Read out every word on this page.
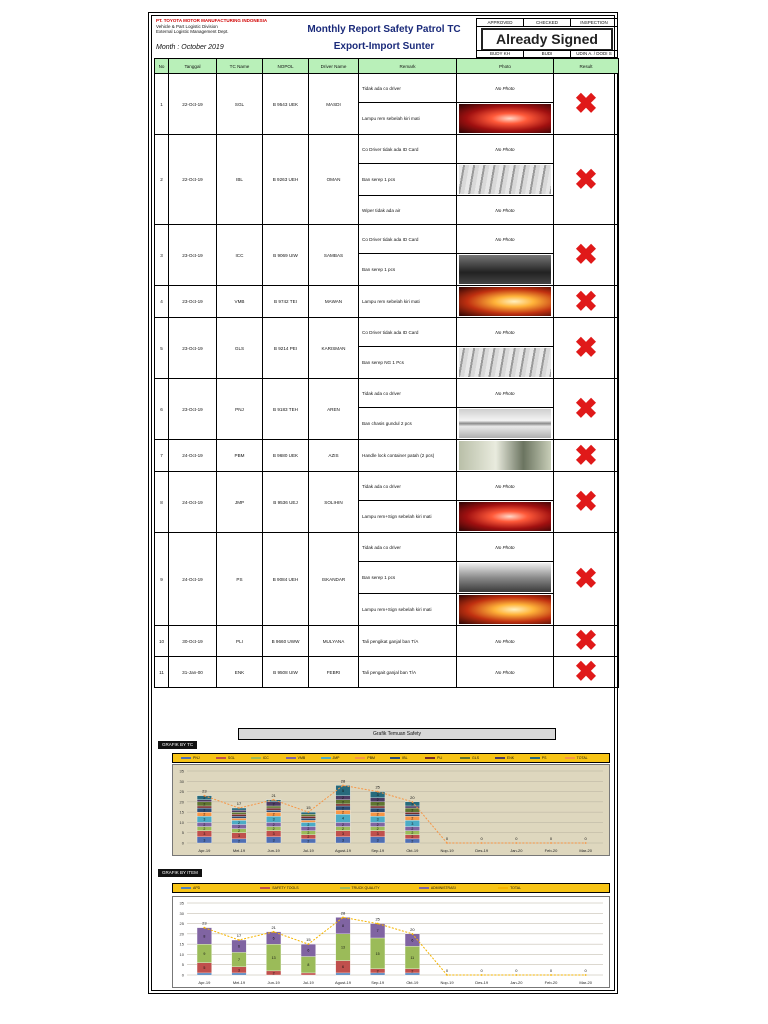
PT. TOYOTA MOTOR MANUFACTURING INDONESIA
Vehicle & Part Logistic Division
External Logistic Management Dept.
Month : October 2019
Monthly Report Safety Patrol TC
Export-Import Sunter
APPROVED	CHECKED	INSPECTION
Already Signed
BUDY KH	BUDI	UDIN A. / DODI S
No	Tanggal	TC Name	NOPOL	Driver Name	Remark	Photo	Result
1	22-Oct-19	SGL	B 9543 UEK	MASDI	Tidak ada co driver	No Photo	✖
					Lampu rem sebelah kiri mati		

2	22-Oct-19	IBL	B 9263 UEH	OMAN	Co Driver tidak ada ID Card	No Photo	✖
					Ban serep 1 pcs		

					Wiper tidak ada air	No Photo	
3	23-Oct-19	ICC	B 9069 UIW	SAMBAS	Co Driver tidak ada ID Card	No Photo	✖
					Ban serep 1 pcs		

4	23-Oct-19	VMB	B 9742 TEI	MAWAN	Lampu rem sebelah kiri mati		✖
5	23-Oct-19	GLS	B 9214 PEI	KARISMAN	Co Driver tidak ada ID Card	No Photo	✖
					Ban serep NG 1 Pcs		

6	23-Oct-19	PNJ	B 9183 TEH	AREN	Tidak ada co driver	No Photo	✖
					Ban chasis gundul 2 pcs		

7	24-Oct-19	PBM	B 9680 UEK	AZIS	Handle lock container patah (2 pcs)		✖
8	24-Oct-19	JMP	B 9536 UEJ	SOLIHIN	Tidak ada co driver	No Photo	✖
					Lampu rem+Sign sebelah kiri mati		

9	24-Oct-19	PS	B 9084 UEH	ISKANDAR	Tidak ada co driver	No Photo	✖
					Ban serep 1 pcs		

					Lampu rem+Sign sebelah kiri mati		

10	30-Oct-19	PLI	B 9660 UWW	MULYANA	Tali pengikat ganjal ban T/A	No Photo	✖
11	31-Jan-00	ENK	B 9508 UIW	FEBRI	Tali pengait ganjal ban T/A	No Photo	✖
Grafik Temuan Safety
GRAFIK BY TC
PNJ	SGL	ICC	VMB	JMP	PBM	IBL	PLI	GLS	ENK	PS	TOTAL
0
5
10
15
20
25
30
35
3
3
2
2
3
2
2
2
2
Apr-19
2
3
2
2
2
Mei-19
3
3
2
2
3
2
2
Jun-19
2
2
2
2
2
Jul-19
3
3
2
2
4
2
2
2
2
5
Agust-19
3
3
2
2
3
2
2
2
2
3
Sep-19
2
2
2
2
3
2
2
2
Okt-19	Nop-19	Des-19	Jan-20	Feb-20	Mar-20
23
17
21
15
28
25
20
0	0	0	0	0
GRAFIK BY ITEM
APD	SAFETY TOOLS	TRUCK QUALITY	ADMINISTRASI	TOTAL
0
5
10
15
20
25
30
35
5
9
8
Apr-19
3
7
6
Mei-19
2
13
6
Jun-19
8
6
Jul-19
6
13
8
Agust-19
2
15
7
Sep-19
2
11
6
Okt-19	Nop-19	Des-19	Jan-20	Feb-20	Mar-20
23
17
21
15
28
25
20
0	0	0	0	0
